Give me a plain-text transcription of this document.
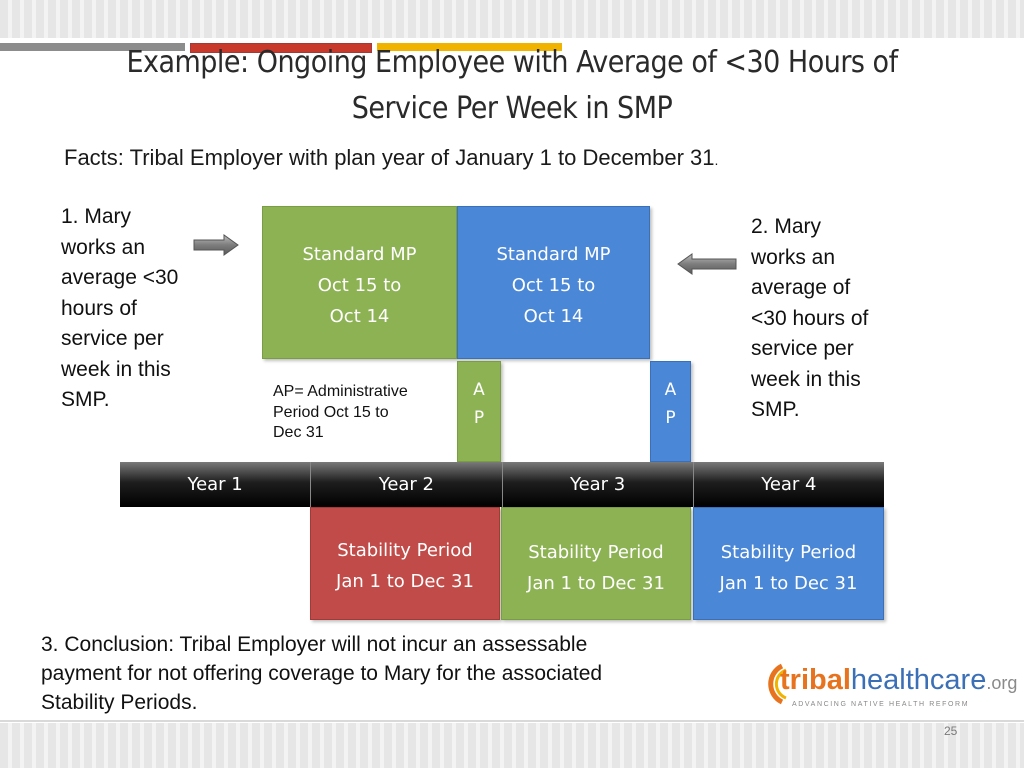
Example: Ongoing Employee with Average of <30 Hours of
Service Per Week in SMP
Facts: Tribal Employer with plan year of January 1 to December 31.
1. Mary
works an
average <30
hours of
service per
week in this
SMP.
Standard MP
Oct 15 to
Oct 14
Standard MP
Oct 15 to
Oct 14
A
P
A
P
AP= Administrative
Period Oct 15 to
Dec 31
2. Mary
works an
average of
<30 hours of
service per
week in this
SMP.
Year 1	Year 2	Year 3	Year 4
Stability Period
Jan 1 to Dec 31
Stability Period
Jan 1 to Dec 31
Stability Period
Jan 1 to Dec 31
3. Conclusion: Tribal Employer will not incur an assessable
payment for not offering coverage to Mary for the associated
Stability Periods.
tribalhealthcare.org
ADVANCING NATIVE HEALTH REFORM
25
